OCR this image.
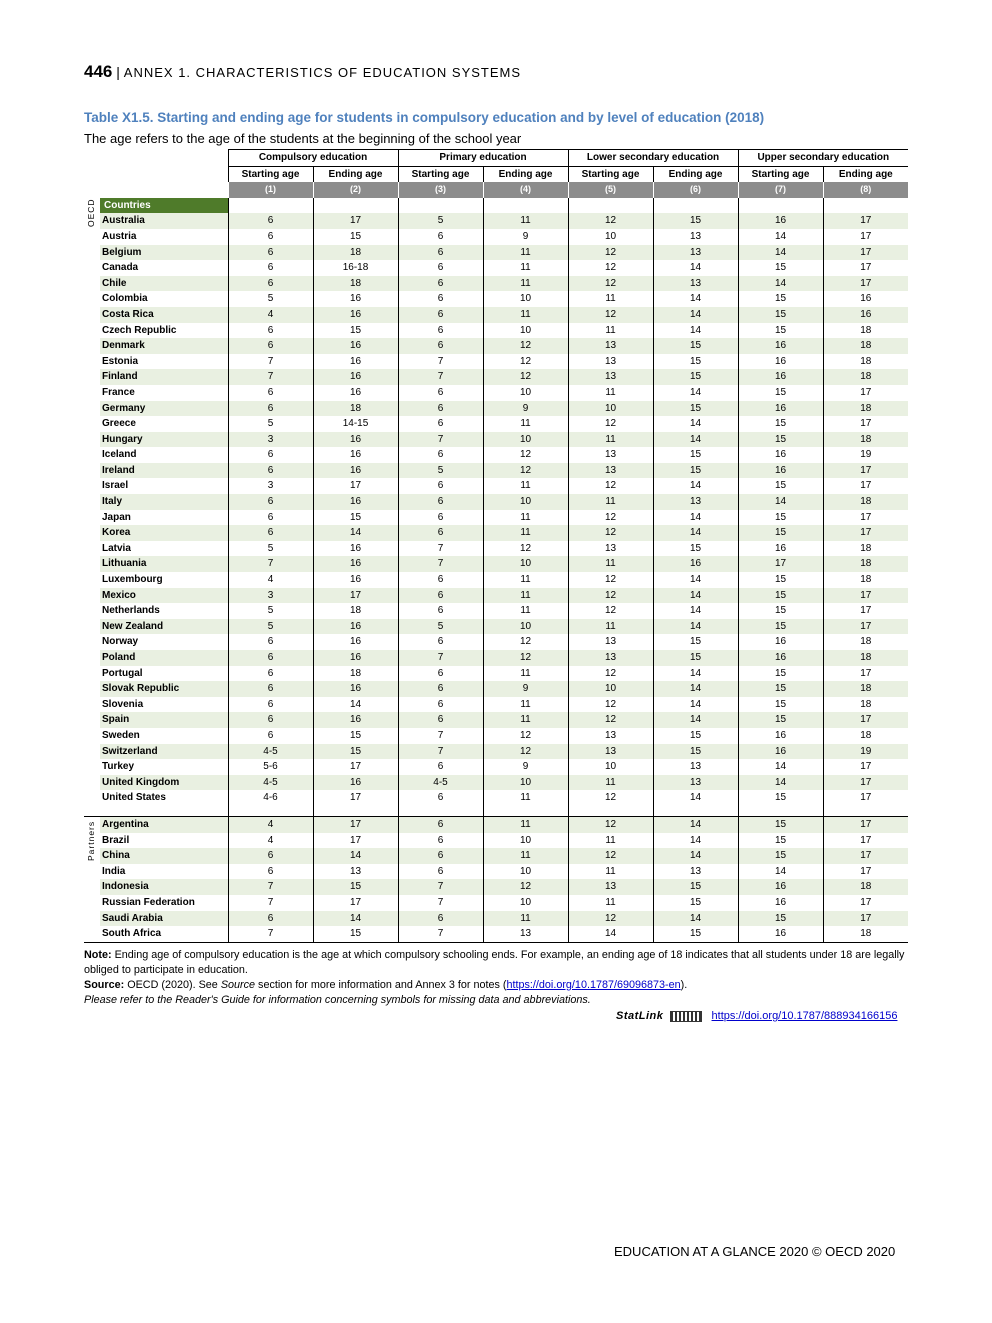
446 | ANNEX 1. CHARACTERISTICS OF EDUCATION SYSTEMS
Table X1.5. Starting and ending age for students in compulsory education and by level of education (2018)
The age refers to the age of the students at the beginning of the school year
		Compulsory education		Primary education		Lower secondary education		Upper secondary education	
		Starting age	Ending age	Starting age	Ending age	Starting age	Ending age	Starting age	Ending age
		(1)	(2)	(3)	(4)	(5)	(6)	(7)	(8)

OECD	Countries								
	Australia	6	17	5	11	12	15	16	17
	Austria	6	15	6	9	10	13	14	17
	Belgium	6	18	6	11	12	13	14	17
	Canada	6	16-18	6	11	12	14	15	17
	Chile	6	18	6	11	12	13	14	17
	Colombia	5	16	6	10	11	14	15	16
	Costa Rica	4	16	6	11	12	14	15	16
	Czech Republic	6	15	6	10	11	14	15	18
	Denmark	6	16	6	12	13	15	16	18
	Estonia	7	16	7	12	13	15	16	18
	Finland	7	16	7	12	13	15	16	18
	France	6	16	6	10	11	14	15	17
	Germany	6	18	6	9	10	15	16	18
	Greece	5	14-15	6	11	12	14	15	17
	Hungary	3	16	7	10	11	14	15	18
	Iceland	6	16	6	12	13	15	16	19
	Ireland	6	16	5	12	13	15	16	17
	Israel	3	17	6	11	12	14	15	17
	Italy	6	16	6	10	11	13	14	18
	Japan	6	15	6	11	12	14	15	17
	Korea	6	14	6	11	12	14	15	17
	Latvia	5	16	7	12	13	15	16	18
	Lithuania	7	16	7	10	11	16	17	18
	Luxembourg	4	16	6	11	12	14	15	18
	Mexico	3	17	6	11	12	14	15	17
	Netherlands	5	18	6	11	12	14	15	17
	New Zealand	5	16	5	10	11	14	15	17
	Norway	6	16	6	12	13	15	16	18
	Poland	6	16	7	12	13	15	16	18
	Portugal	6	18	6	11	12	14	15	17
	Slovak Republic	6	16	6	9	10	14	15	18
	Slovenia	6	14	6	11	12	14	15	18
	Spain	6	16	6	11	12	14	15	17
	Sweden	6	15	7	12	13	15	16	18
	Switzerland	4-5	15	7	12	13	15	16	19
	Turkey	5-6	17	6	9	10	13	14	17
	United Kingdom	4-5	16	4-5	10	11	13	14	17
	United States	4-6	17	6	11	12	14	15	17

Partners	Argentina	4	17	6	11	12	14	15	17
	Brazil	4	17	6	10	11	14	15	17
	China	6	14	6	11	12	14	15	17
	India	6	13	6	10	11	13	14	17
	Indonesia	7	15	7	12	13	15	16	18
	Russian Federation	7	17	7	10	11	15	16	17
	Saudi Arabia	6	14	6	11	12	14	15	17
	South Africa	7	15	7	13	14	15	16	18
Note: Ending age of compulsory education is the age at which compulsory schooling ends. For example, an ending age of 18 indicates that all students under 18 are legally obliged to participate in education.
Source: OECD (2020). See Source section for more information and Annex 3 for notes (https://doi.org/10.1787/69096873-en).
Please refer to the Reader's Guide for information concerning symbols for missing data and abbreviations.
StatLink	https://doi.org/10.1787/888934166156
EDUCATION AT A GLANCE 2020 © OECD 2020
